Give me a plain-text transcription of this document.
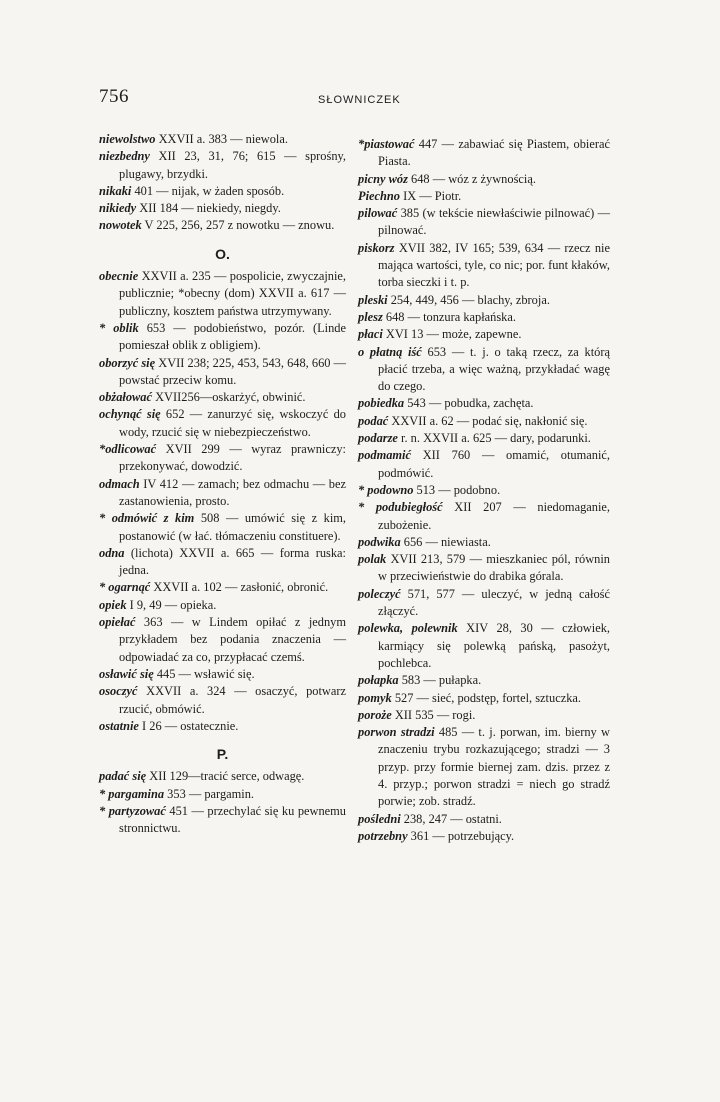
756	SŁOWNICZEK
niewolstwo XXVII a. 383 — niewola.
niezbedny XII 23, 31, 76; 615 — sprośny, plugawy, brzydki.
nikaki 401 — nijak, w żaden sposób.
nikiedy XII 184 — niekiedy, niegdy.
nowotek V 225, 256, 257 z nowotku — znowu.
O.
obecnie XXVII a. 235 — pospolicie, zwyczajnie, publicznie; *obecny (dom) XXVII a. 617 — publiczny, kosztem państwa utrzymywany.
* oblik 653 — podobieństwo, pozór. (Linde pomieszał oblik z obligiem).
oborzyć się XVII 238; 225, 453, 543, 648, 660 — powstać przeciw komu.
obżałować XVII256—oskarżyć, obwinić.
ochynąć się 652 — zanurzyć się, wskoczyć do wody, rzucić się w niebezpieczeństwo.
*odlicować XVII 299 — wyraz prawniczy: przekonywać, dowodzić.
odmach IV 412 — zamach; bez odmachu — bez zastanowienia, prosto.
* odmówić z kim 508 — umówić się z kim, postanowić (w łać. tłómaczeniu constituere).
odna (lichota) XXVII a. 665 — forma ruska: jedna.
* ogarnąć XXVII a. 102 — zasłonić, obronić.
opiek I 9, 49 — opieka.
opiełać 363 — w Lindem opiłać z jednym przykładem bez podania znaczenia — odpowiadać za co, przypłacać czemś.
osławić się 445 — wsławić się.
osoczyć XXVII a. 324 — osaczyć, potwarz rzucić, obmówić.
ostatnie I 26 — ostatecznie.
P.
padać się XII 129—tracić serce, odwagę.
* pargamina 353 — pargamin.
* partyzować 451 — przechylać się ku pewnemu stronnictwu.
*piastować 447 — zabawiać się Piastem, obierać Piasta.
picny wóz 648 — wóz z żywnością.
Piechno IX — Piotr.
pilować 385 (w tekście niewłaściwie pilnować) — pilnować.
piskorz XVII 382, IV 165; 539, 634 — rzecz nie mająca wartości, tyle, co nic; por. funt kłaków, torba sieczki i t. p.
pleski 254, 449, 456 — blachy, zbroja.
plesz 648 — tonzura kapłańska.
płaci XVI 13 — może, zapewne.
o płatną iść 653 — t. j. o taką rzecz, za którą płacić trzeba, a więc ważną, przykładać wagę do czego.
pobiedka 543 — pobudka, zachęta.
podać XXVII a. 62 — podać się, nakłonić się.
podarze r. n. XXVII a. 625 — dary, podarunki.
podmamić XII 760 — omamić, otumanić, podmówić.
* podowno 513 — podobno.
* podubiegłość XII 207 — niedomaganie, zubożenie.
podwika 656 — niewiasta.
polak XVII 213, 579 — mieszkaniec pól, równin w przeciwieństwie do drabika górala.
poleczyć 571, 577 — uleczyć, w jedną całość złączyć.
polewka, polewnik XIV 28, 30 — człowiek, karmiący się polewką pańską, pasożyt, pochlebca.
połapka 583 — pułapka.
pomyk 527 — sieć, podstęp, fortel, sztuczka.
poroże XII 535 — rogi.
porwon stradzi 485 — t. j. porwan, im. bierny w znaczeniu trybu rozkazującego; stradzi — 3 przyp. przy formie biernej zam. dzis. przez z 4. przyp.; porwon stradzi = niech go stradź porwie; zob. stradź.
pośledni 238, 247 — ostatni.
potrzebny 361 — potrzebujący.
